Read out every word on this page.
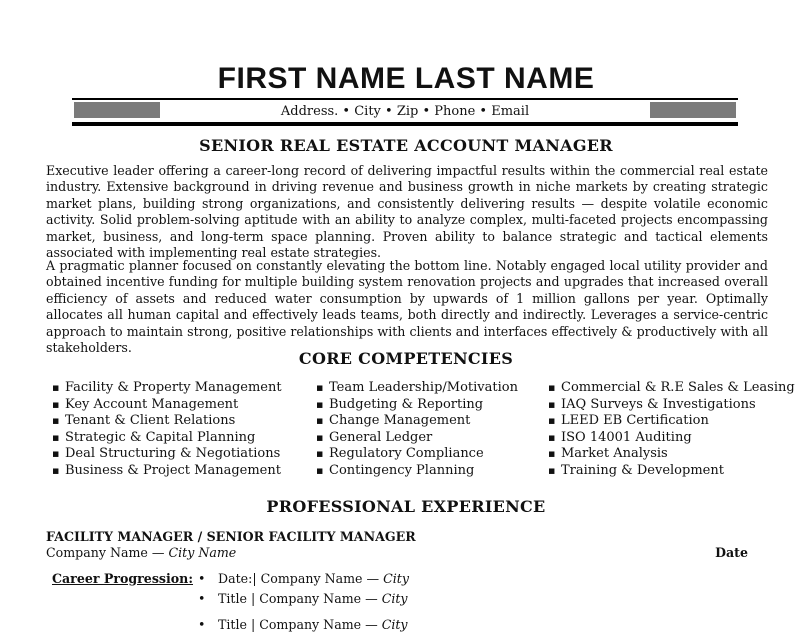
FIRST NAME LAST NAME
Address. • City • Zip • Phone • Email
SENIOR REAL ESTATE ACCOUNT MANAGER

Executive leader offering a career-long record of delivering impactful results within the commercial real estate industry. Extensive background in driving revenue and business growth in niche markets by creating strategic market plans, building strong organizations, and consistently delivering results — despite volatile economic activity. Solid problem-solving aptitude with an ability to analyze complex, multi-faceted projects encompassing market, business, and long-term space planning. Proven ability to balance strategic and tactical elements associated with implementing real estate strategies.

A pragmatic planner focused on constantly elevating the bottom line. Notably engaged local utility provider and obtained incentive funding for multiple building system renovation projects and upgrades that increased overall efficiency of assets and reduced water consumption by upwards of 1 million gallons per year. Optimally allocates all human capital and effectively leads teams, both directly and indirectly. Leverages a service-centric approach to maintain strong, positive relationships with clients and interfaces effectively & productively with all stakeholders.

CORE COMPETENCIES
▪ Facility & Property Management
▪ Key Account Management
▪ Tenant & Client Relations
▪ Strategic & Capital Planning
▪ Deal Structuring & Negotiations
▪ Business & Project Management
▪ Team Leadership/Motivation
▪ Budgeting & Reporting
▪ Change Management
▪ General Ledger
▪ Regulatory Compliance
▪ Contingency Planning
▪ Commercial & R.E Sales & Leasing
▪ IAQ Surveys & Investigations
▪ LEED EB Certification
▪ ISO 14001 Auditing
▪ Market Analysis
▪ Training & Development
PROFESSIONAL EXPERIENCE
FACILITY MANAGER / SENIOR FACILITY MANAGER
Company Name — City Name	Date
Career Progression:
•	Date:| Company Name — City
• Title | Company Name — City
• Title | Company Name — City
